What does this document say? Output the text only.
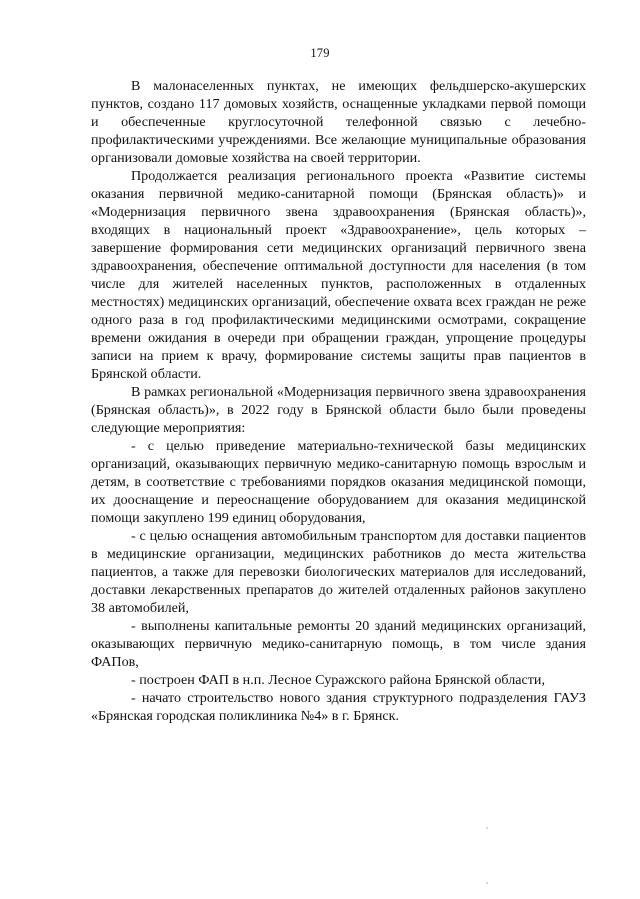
179

В малонаселенных пунктах, не имеющих фельдшерско-акушерских пунктов, создано 117 домовых хозяйств, оснащенные укладками первой помощи и обеспеченные круглосуточной телефонной связью с лечебно-профилактическими учреждениями. Все желающие муниципальные образования организовали домовые хозяйства на своей территории.

Продолжается реализация регионального проекта «Развитие системы оказания первичной медико-санитарной помощи (Брянская область)» и «Модернизация первичного звена здравоохранения (Брянская область)», входящих в национальный проект «Здравоохранение», цель которых – завершение формирования сети медицинских организаций первичного звена здравоохранения, обеспечение оптимальной доступности для населения (в том числе для жителей населенных пунктов, расположенных в отдаленных местностях) медицинских организаций, обеспечение охвата всех граждан не реже одного раза в год профилактическими медицинскими осмотрами, сокращение времени ожидания в очереди при обращении граждан, упрощение процедуры записи на прием к врачу, формирование системы защиты прав пациентов в Брянской области.

В рамках региональной «Модернизация первичного звена здравоохранения (Брянская область)», в 2022 году в Брянской области было были проведены следующие мероприятия:

- с целью приведение материально-технической базы медицинских организаций, оказывающих первичную медико-санитарную помощь взрослым и детям, в соответствие с требованиями порядков оказания медицинской помощи, их дооснащение и переоснащение оборудованием для оказания медицинской помощи закуплено 199 единиц оборудования,

- с целью оснащения автомобильным транспортом для доставки пациентов в медицинские организации, медицинских работников до места жительства пациентов, а также для перевозки биологических материалов для исследований, доставки лекарственных препаратов до жителей отдаленных районов закуплено 38 автомобилей,

- выполнены капитальные ремонты 20 зданий медицинских организаций, оказывающих первичную медико-санитарную помощь, в том числе здания ФАПов,

- построен ФАП в н.п. Лесное Суражского района Брянской области,

- начато строительство нового здания структурного подразделения ГАУЗ «Брянская городская поликлиника №4» в г. Брянск.
